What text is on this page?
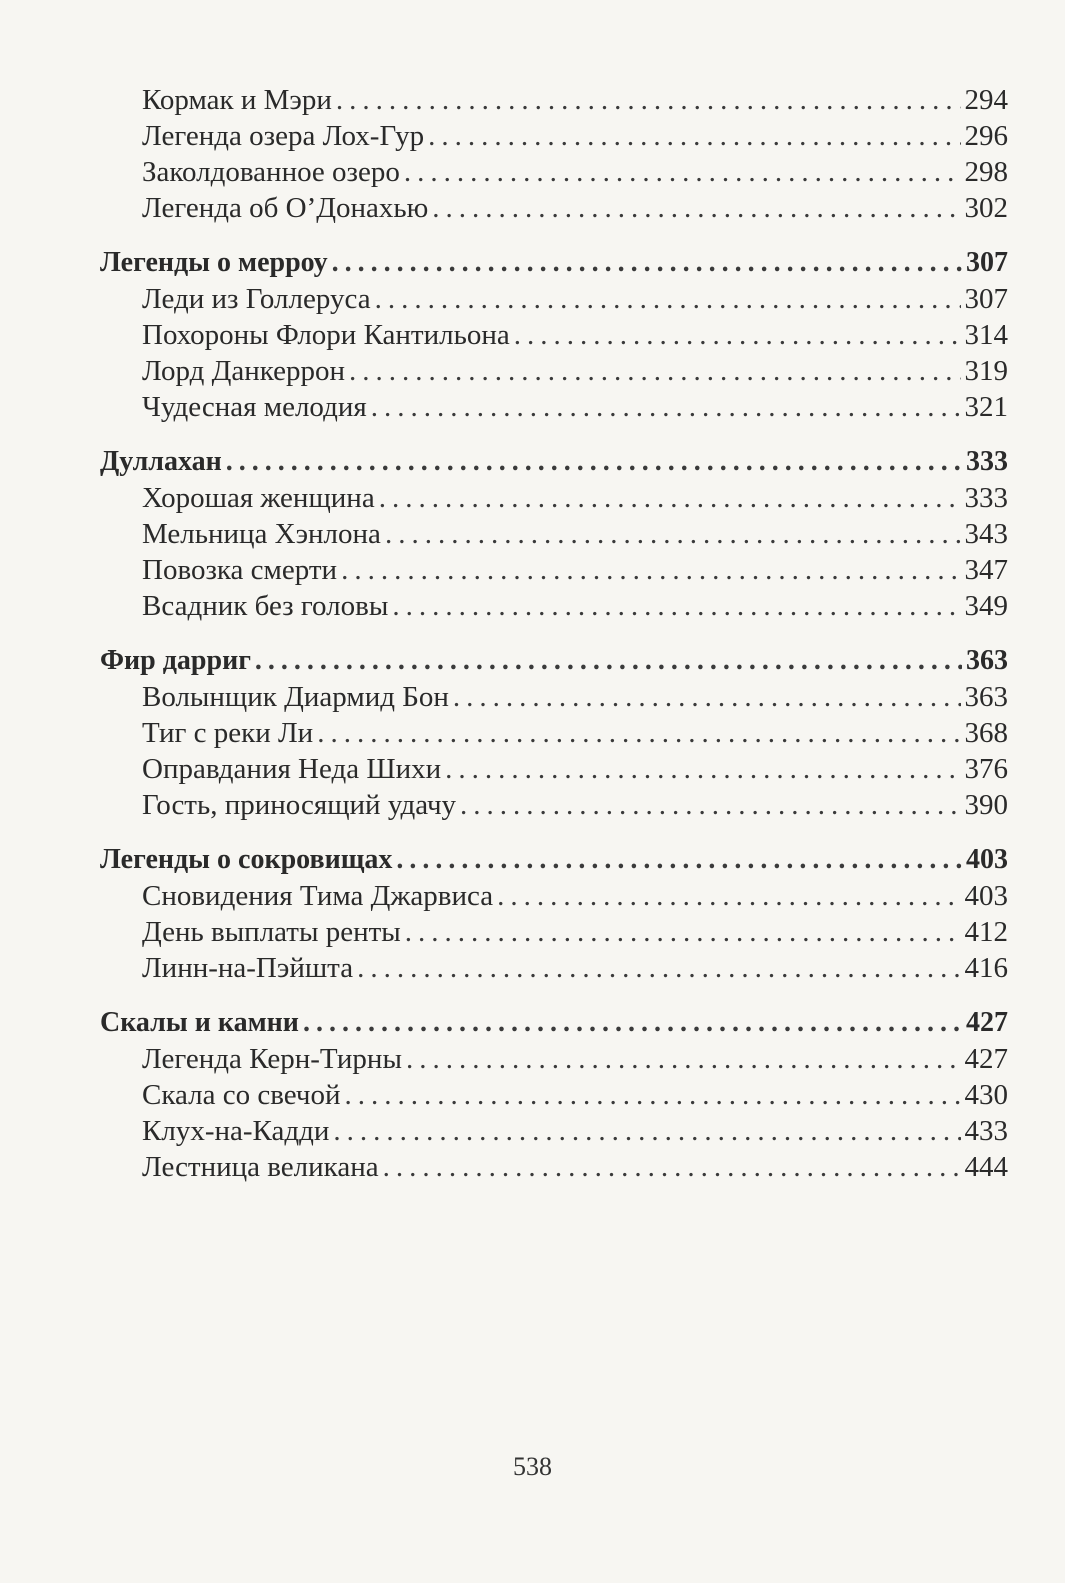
Кормак и Мэри .....	294
Легенда озера Лох-Гур .....	296
Заколдованное озеро .....	298
Легенда об О’Донахью .....	302
Легенды о мерроу .....	307
Леди из Голлеруса .....	307
Похороны Флори Кантильона .....	314
Лорд Данкеррон .....	319
Чудесная мелодия .....	321
Дуллахан .....	333
Хорошая женщина .....	333
Мельница Хэнлона .....	343
Повозка смерти .....	347
Всадник без головы .....	349
Фир дарриг .....	363
Волынщик Диармид Бон .....	363
Тиг с реки Ли .....	368
Оправдания Неда Шихи .....	376
Гость, приносящий удачу .....	390
Легенды о сокровищах .....	403
Сновидения Тима Джарвиса .....	403
День выплаты ренты .....	412
Линн-на-Пэйшта .....	416
Скалы и камни .....	427
Легенда Керн-Тирны .....	427
Скала со свечой .....	430
Клух-на-Кадди .....	433
Лестница великана .....	444
538
